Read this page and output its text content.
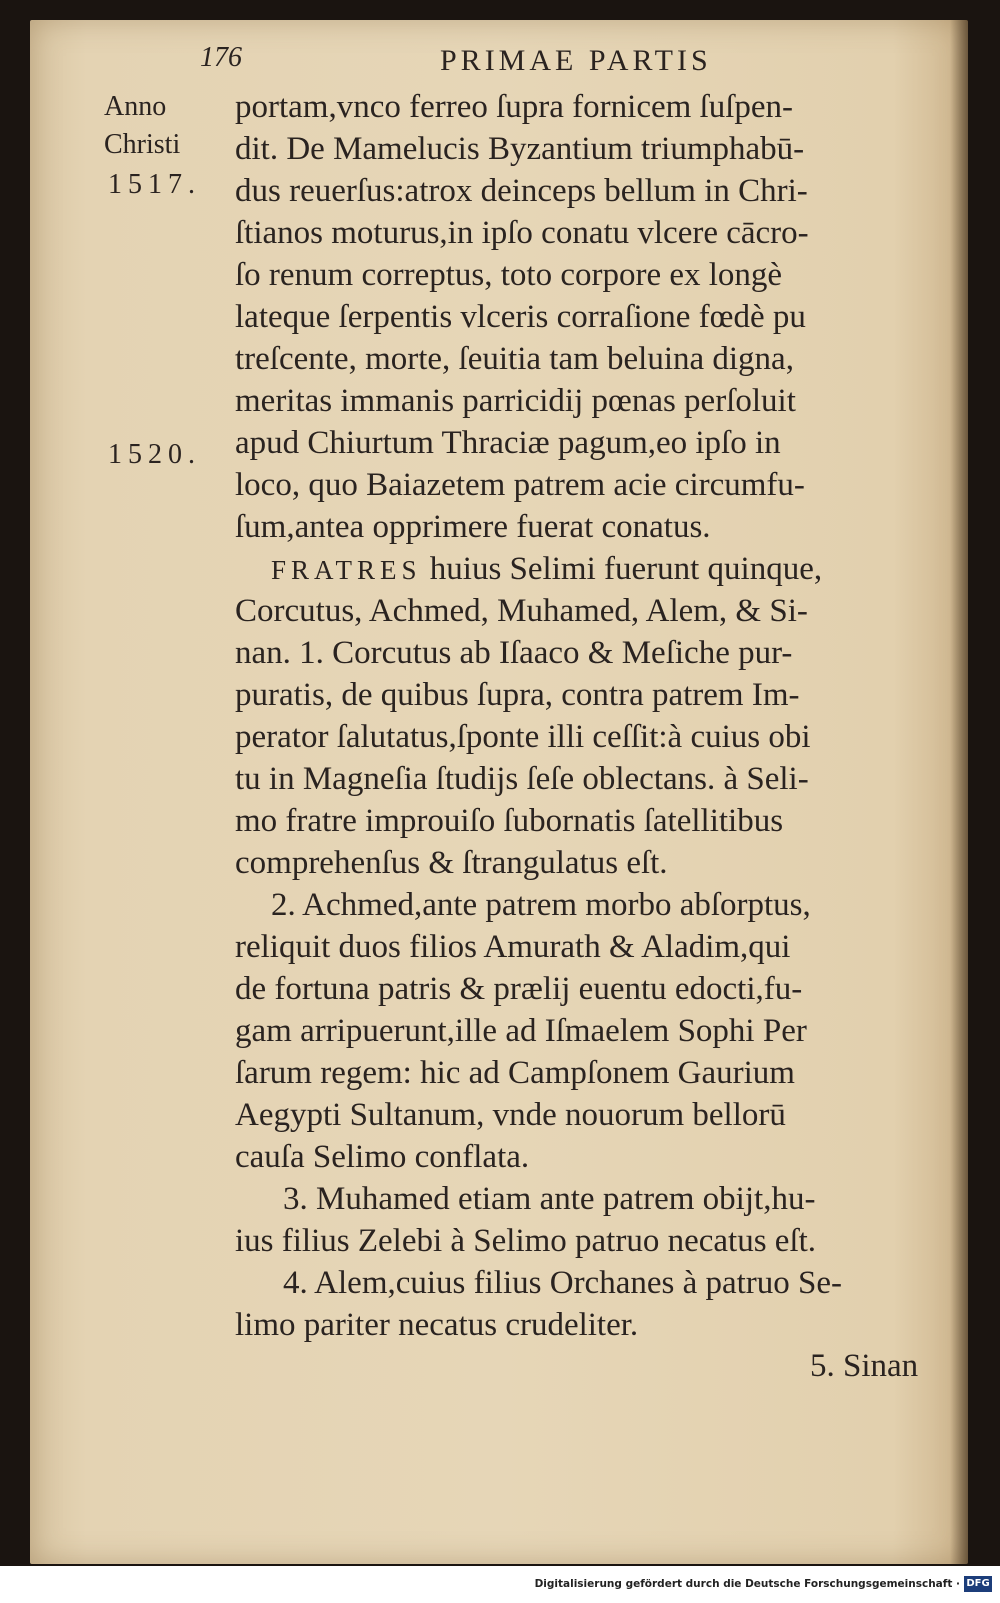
176	PRIMAE PARTIS
Anno
Christi
1517.
1520.
portam,vnco ferreo ſupra fornicem ſuſpen-
dit. De Mamelucis Byzantium triumphabū-
dus reuerſus:atrox deinceps bellum in Chri-
ſtianos moturus,in ipſo conatu vlcere cācro-
ſo renum correptus, toto corpore ex longè
lateque ſerpentis vlceris corraſione fœdè pu
treſcente, morte, ſeuitia tam beluina digna,
meritas immanis parricidij pœnas perſoluit
apud Chiurtum Thraciæ pagum,eo ipſo in
loco, quo Baiazetem patrem acie circumfu-
ſum,antea opprimere fuerat conatus.
FRATRES huius Selimi fuerunt quinque,
Corcutus, Achmed, Muhamed, Alem, & Si-
nan. 1. Corcutus ab Iſaaco & Meſiche pur-
puratis, de quibus ſupra, contra patrem Im-
perator ſalutatus,ſponte illi ceſſit:à cuius obi
tu in Magneſia ſtudijs ſeſe oblectans. à Seli-
mo fratre improuiſo ſubornatis ſatellitibus
comprehenſus & ſtrangulatus eſt.
2. Achmed,ante patrem morbo abſorptus,
reliquit duos filios Amurath & Aladim,qui
de fortuna patris & prælij euentu edocti,fu-
gam arripuerunt,ille ad Iſmaelem Sophi Per
ſarum regem: hic ad Campſonem Gaurium
Aegypti Sultanum, vnde nouorum bellorū
cauſa Selimo conflata.
3. Muhamed etiam ante patrem obijt,hu-
ius filius Zelebi à Selimo patruo necatus eſt.
4. Alem,cuius filius Orchanes à patruo Se-
limo pariter necatus crudeliter.
5. Sinan
Digitalisierung gefördert durch die Deutsche Forschungsgemeinschaft · DFG
